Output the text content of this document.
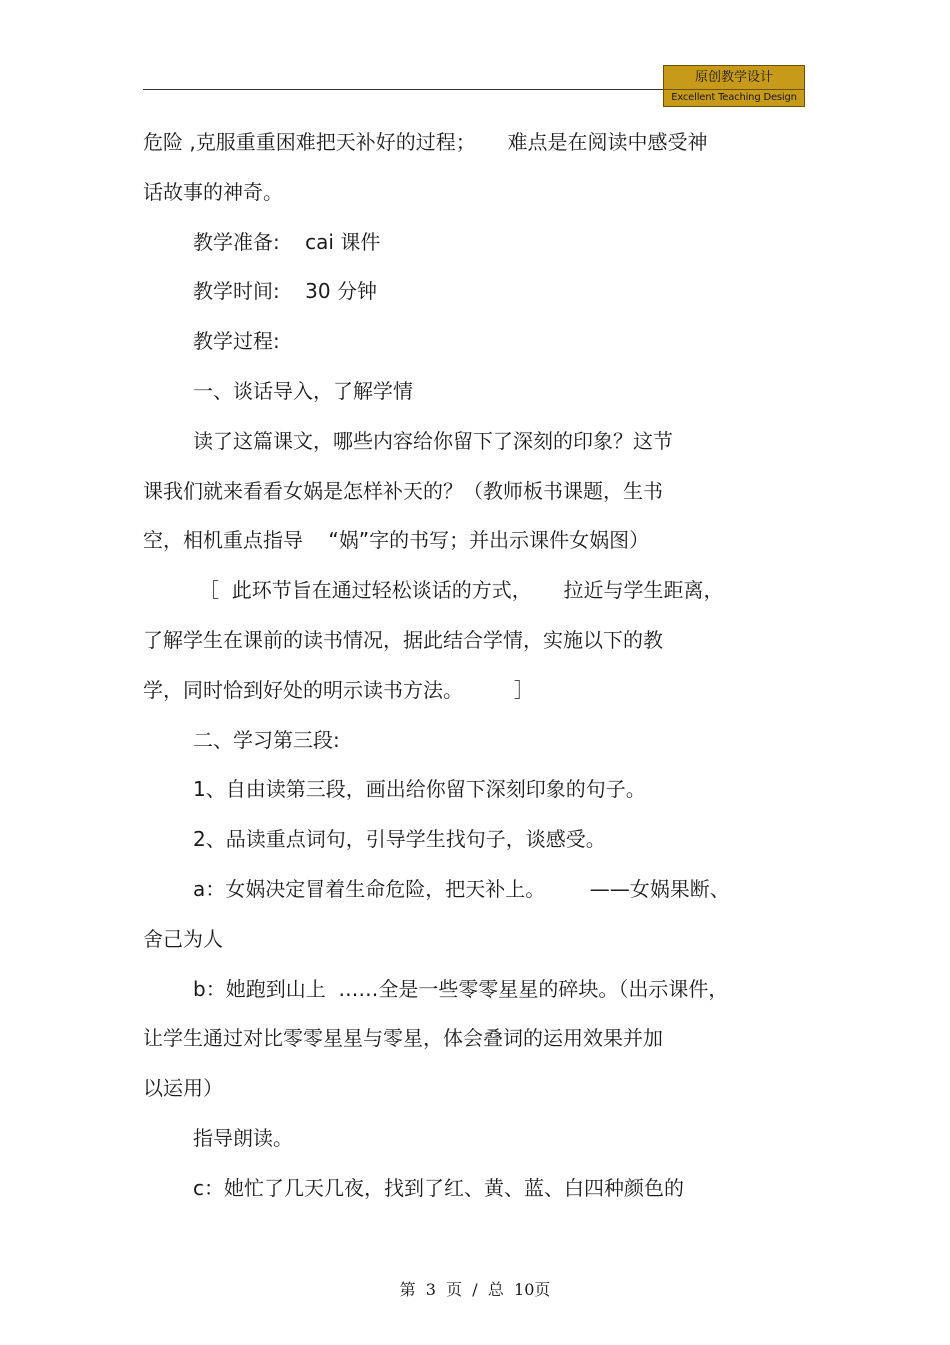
原创教学设计
Excellent Teaching Design
危险 ,克服重重困难把天补好的过程；     难点是在阅读中感受神
话故事的神奇。
教学准备:    cai 课件
教学时间:    30 分钟
教学过程:
一、谈话导入，了解学情
读了这篇课文，哪些内容给你留下了深刻的印象？这节
课我们就来看看女娲是怎样补天的？（教师板书课题，生书
空，相机重点指导    “娲”字的书写；并出示课件女娲图）
［  此环节旨在通过轻松谈话的方式，     拉近与学生距离，
了解学生在课前的读书情况，据此结合学情，实施以下的教
学，同时恰到好处的明示读书方法。        ］
二、学习第三段:
1、自由读第三段，画出给你留下深刻印象的句子。
2、品读重点词句，引导学生找句子，谈感受。
a：女娲决定冒着生命危险，把天补上。       ——女娲果断、
舍己为人
b：她跑到山上  ……全是一些零零星星的碎块。（出示课件，
让学生通过对比零零星星与零星，体会叠词的运用效果并加
以运用）
指导朗读。
c：她忙了几天几夜，找到了红、黄、蓝、白四种颜色的
第  3  页  /  总  10页
